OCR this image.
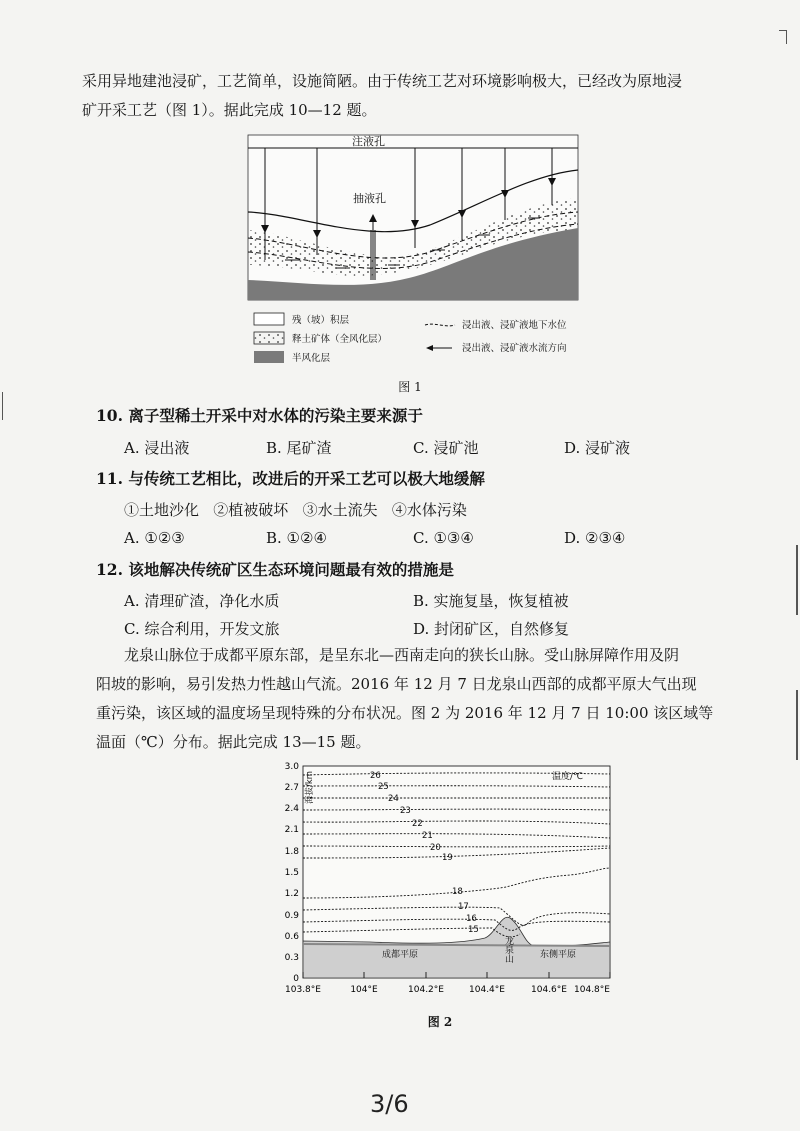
采用异地建池浸矿，工艺简单，设施简陋。由于传统工艺对环境影响极大，已经改为原地浸
矿开采工艺（图 1）。据此完成 10—12 题。
注液孔
抽液孔
残（坡）积层
释土矿体（全风化层）
半风化层
浸出液、浸矿液地下水位
浸出液、浸矿液水流方向
图 1
10. 离子型稀土开采中对水体的污染主要来源于
A. 浸出液	B. 尾矿渣	C. 浸矿池	D. 浸矿液
11. 与传统工艺相比，改进后的开采工艺可以极大地缓解
①土地沙化   ②植被破坏   ③水土流失   ④水体污染
A. ①②③	B. ①②④	C. ①③④	D. ②③④
12. 该地解决传统矿区生态环境问题最有效的措施是
A. 清理矿渣，净化水质	B. 实施复垦，恢复植被
C. 综合利用，开发文旅	D. 封闭矿区，自然修复
龙泉山脉位于成都平原东部，是呈东北—西南走向的狭长山脉。受山脉屏障作用及阴
阳坡的影响，易引发热力性越山气流。2016 年 12 月 7 日龙泉山西部的成都平原大气出现
重污染，该区域的温度场呈现特殊的分布状况。图 2 为 2016 年 12 月 7 日 10:00 该区域等
温面（℃）分布。据此完成 13—15 题。
海拔/km	温度/℃
3.0
2.7
2.4
2.1
1.8
1.5
1.2
0.9
0.6
0.3
0
成都平原	龙泉山	东侧平原
26
25
24
23
22
21
20
19
18
17
16
15
103.8°E	104°E	104.2°E	104.4°E	104.6°E 104.8°E
图 2
3/6
